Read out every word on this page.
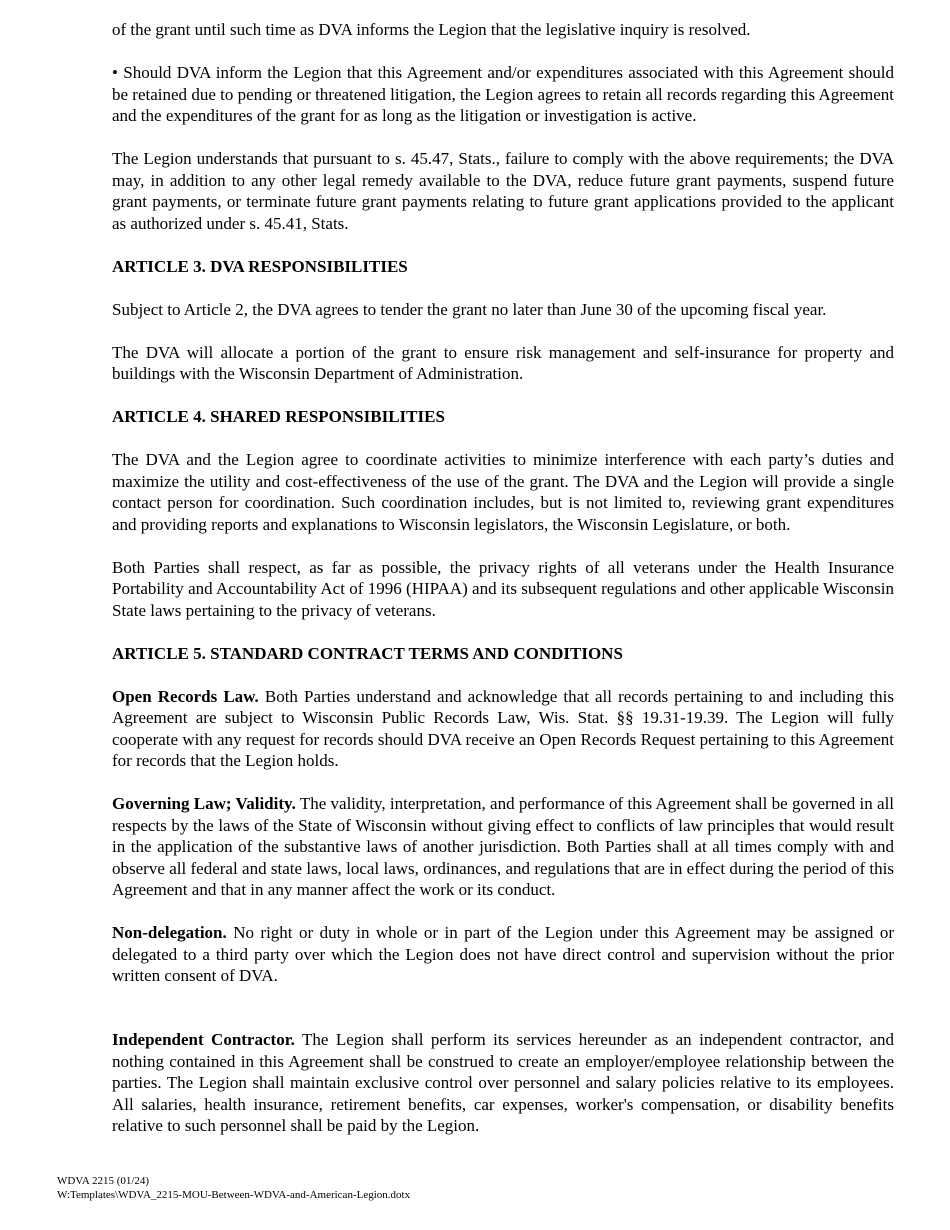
of the grant until such time as DVA informs the Legion that the legislative inquiry is resolved.

• Should DVA inform the Legion that this Agreement and/or expenditures associated with this Agreement should be retained due to pending or threatened litigation, the Legion agrees to retain all records regarding this Agreement and the expenditures of the grant for as long as the litigation or investigation is active.

The Legion understands that pursuant to s. 45.47, Stats., failure to comply with the above requirements; the DVA may, in addition to any other legal remedy available to the DVA, reduce future grant payments, suspend future grant payments, or terminate future grant payments relating to future grant applications provided to the applicant as authorized under s. 45.41, Stats.

ARTICLE 3. DVA RESPONSIBILITIES

Subject to Article 2, the DVA agrees to tender the grant no later than June 30 of the upcoming fiscal year.

The DVA will allocate a portion of the grant to ensure risk management and self-insurance for property and buildings with the Wisconsin Department of Administration.

ARTICLE 4. SHARED RESPONSIBILITIES

The DVA and the Legion agree to coordinate activities to minimize interference with each party’s duties and maximize the utility and cost-effectiveness of the use of the grant. The DVA and the Legion will provide a single contact person for coordination. Such coordination includes, but is not limited to, reviewing grant expenditures and providing reports and explanations to Wisconsin legislators, the Wisconsin Legislature, or both.

Both Parties shall respect, as far as possible, the privacy rights of all veterans under the Health Insurance Portability and Accountability Act of 1996 (HIPAA) and its subsequent regulations and other applicable Wisconsin State laws pertaining to the privacy of veterans.

ARTICLE 5. STANDARD CONTRACT TERMS AND CONDITIONS

Open Records Law. Both Parties understand and acknowledge that all records pertaining to and including this Agreement are subject to Wisconsin Public Records Law, Wis. Stat. §§ 19.31-19.39. The Legion will fully cooperate with any request for records should DVA receive an Open Records Request pertaining to this Agreement for records that the Legion holds.

Governing Law; Validity. The validity, interpretation, and performance of this Agreement shall be governed in all respects by the laws of the State of Wisconsin without giving effect to conflicts of law principles that would result in the application of the substantive laws of another jurisdiction. Both Parties shall at all times comply with and observe all federal and state laws, local laws, ordinances, and regulations that are in effect during the period of this Agreement and that in any manner affect the work or its conduct.

Non-delegation. No right or duty in whole or in part of the Legion under this Agreement may be assigned or delegated to a third party over which the Legion does not have direct control and supervision without the prior written consent of DVA.

Independent Contractor. The Legion shall perform its services hereunder as an independent contractor, and nothing contained in this Agreement shall be construed to create an employer/employee relationship between the parties. The Legion shall maintain exclusive control over personnel and salary policies relative to its employees. All salaries, health insurance, retirement benefits, car expenses, worker's compensation, or disability benefits relative to such personnel shall be paid by the Legion.

WDVA 2215 (01/24)
W:Templates\WDVA_2215-MOU-Between-WDVA-and-American-Legion.dotx
